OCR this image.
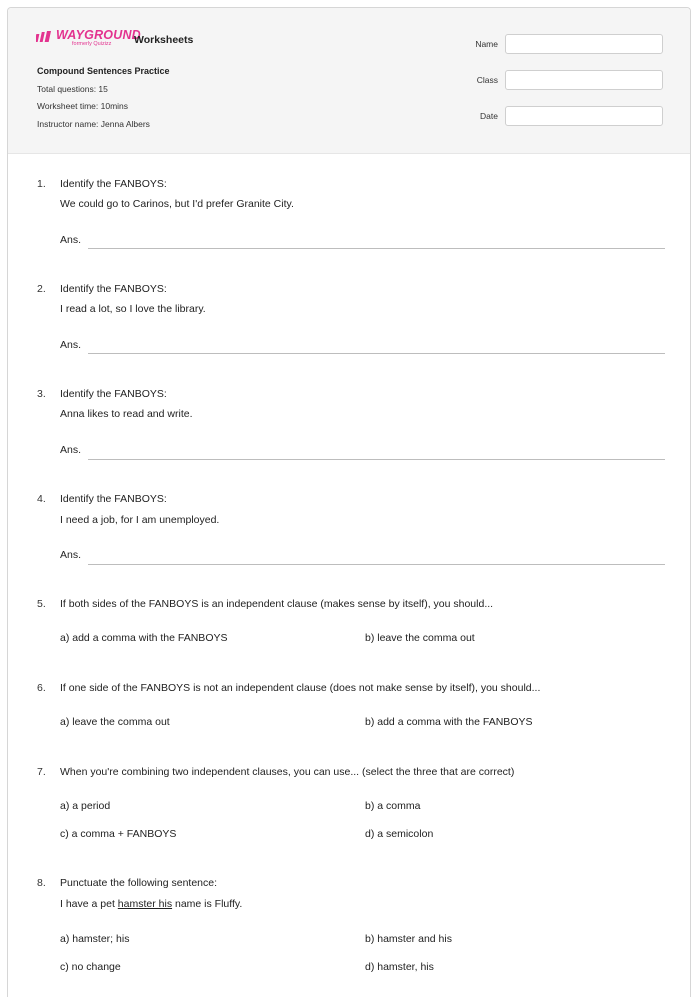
WAYGROUND
formerly Quizizz Worksheets
Compound Sentences Practice
Total questions: 15
Worksheet time: 10mins
Instructor name: Jenna Albers
Name
Class
Date
1. Identify the FANBOYS:
We could go to Carinos, but I'd prefer Granite City.
Ans.
2. Identify the FANBOYS:
I read a lot, so I love the library.
Ans.
3. Identify the FANBOYS:
Anna likes to read and write.
Ans.
4. Identify the FANBOYS:
I need a job, for I am unemployed.
Ans.
5. If both sides of the FANBOYS is an independent clause (makes sense by itself), you should...
a) add a comma with the FANBOYS	b) leave the comma out
6. If one side of the FANBOYS is not an independent clause (does not make sense by itself), you should...
a) leave the comma out	b) add a comma with the FANBOYS
7. When you're combining two independent clauses, you can use... (select the three that are correct)
a) a period	b) a comma
c) a comma + FANBOYS	d) a semicolon
8. Punctuate the following sentence:
I have a pet hamster his name is Fluffy.
a) hamster; his	b) hamster and his
c) no change	d) hamster, his
